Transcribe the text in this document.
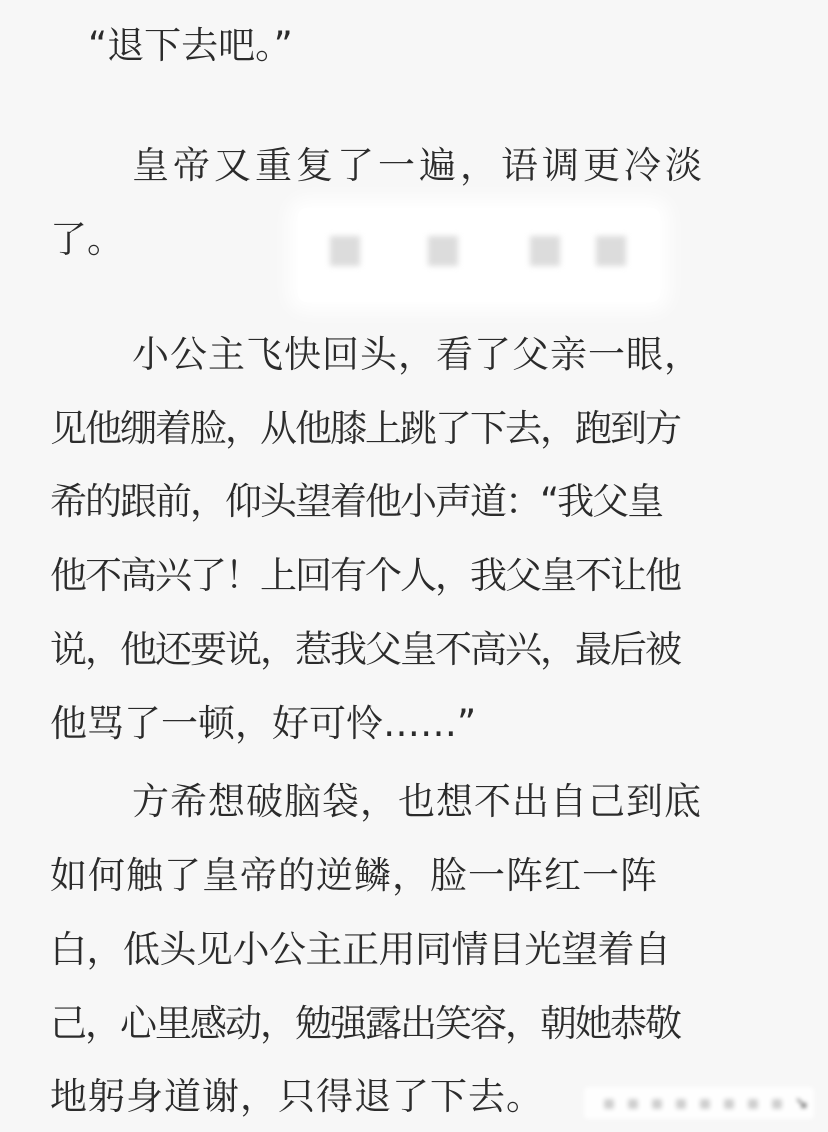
“退下去吧。”
皇帝又重复了一遍，语调更冷淡
了。
小公主飞快回头，看了父亲一眼，
见他绷着脸，从他膝上跳了下去，跑到方
希的跟前，仰头望着他小声道：“我父皇
他不高兴了！上回有个人，我父皇不让他
说，他还要说，惹我父皇不高兴，最后被
他骂了一顿，好可怜……”
方希想破脑袋，也想不出自己到底
如何触了皇帝的逆鳞，脸一阵红一阵
白，低头见小公主正用同情目光望着自
己，心里感动，勉强露出笑容，朝她恭敬
地躬身道谢，只得退了下去。	↘
